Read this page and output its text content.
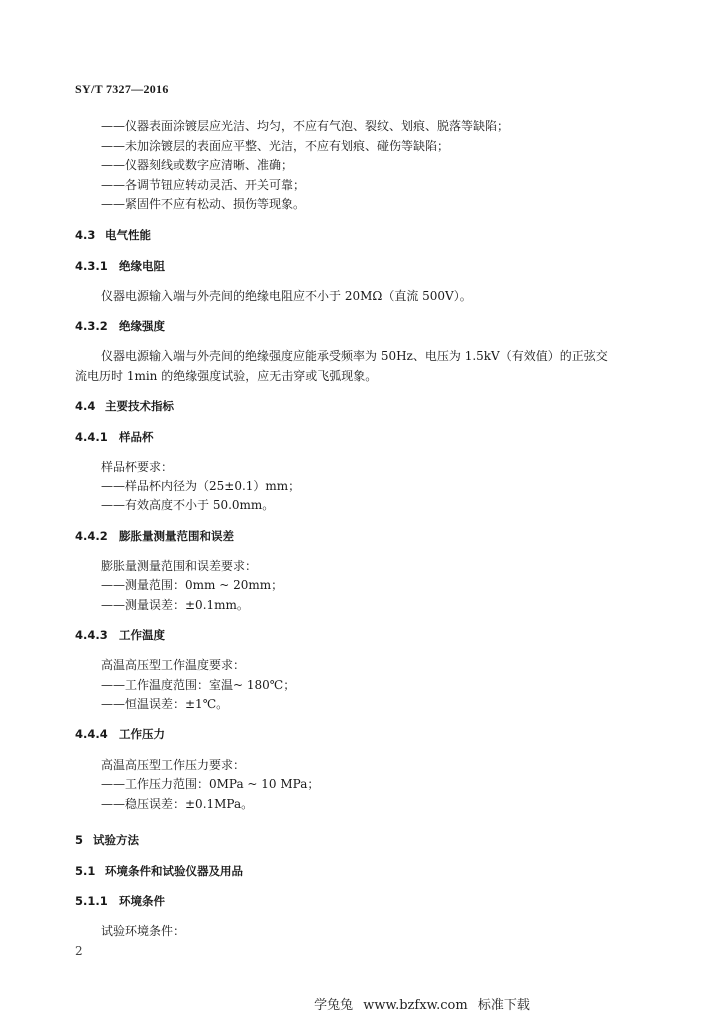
SY/T 7327—2016
——仪器表面涂镀层应光洁、均匀，不应有气泡、裂纹、划痕、脱落等缺陷；
——未加涂镀层的表面应平整、光洁，不应有划痕、碰伤等缺陷；
——仪器刻线或数字应清晰、准确；
——各调节钮应转动灵活、开关可靠；
——紧固件不应有松动、损伤等现象。
4.3 电气性能
4.3.1 绝缘电阻
仪器电源输入端与外壳间的绝缘电阻应不小于 20MΩ（直流 500V）。
4.3.2 绝缘强度
仪器电源输入端与外壳间的绝缘强度应能承受频率为 50Hz、电压为 1.5kV（有效值）的正弦交
流电历时 1min 的绝缘强度试验，应无击穿或飞弧现象。
4.4 主要技术指标
4.4.1 样品杯
样品杯要求：
——样品杯内径为（25±0.1）mm；
——有效高度不小于 50.0mm。
4.4.2 膨胀量测量范围和误差
膨胀量测量范围和误差要求：
——测量范围：0mm ~ 20mm；
——测量误差：±0.1mm。
4.4.3 工作温度
高温高压型工作温度要求：
——工作温度范围：室温~ 180℃；
——恒温误差：±1℃。
4.4.4 工作压力
高温高压型工作压力要求：
——工作压力范围：0MPa ~ 10 MPa；
——稳压误差：±0.1MPa。
5 试验方法
5.1 环境条件和试验仪器及用品
5.1.1 环境条件
试验环境条件：
2
学兔兔 www.bzfxw.com 标准下载
